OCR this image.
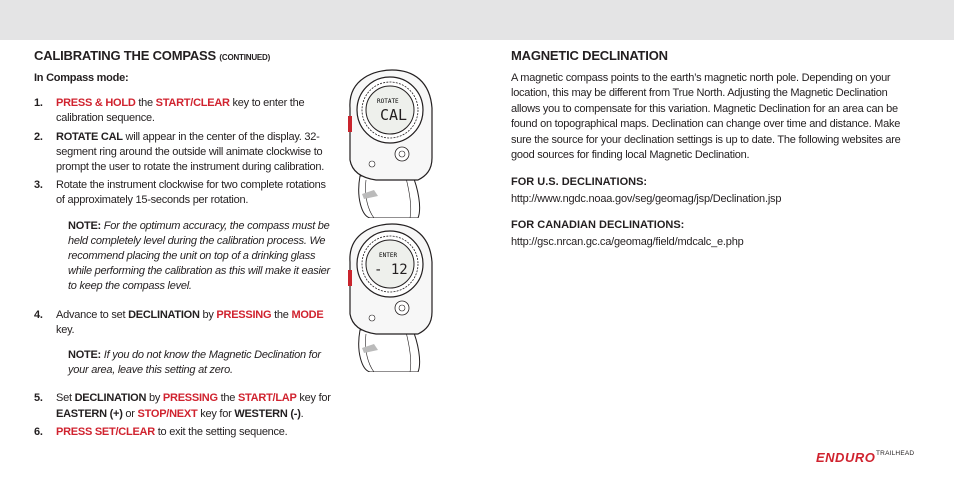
CALIBRATING THE COMPASS (CONTINUED)

In Compass mode:

1. PRESS & HOLD the START/CLEAR key to enter the calibration sequence.

2. ROTATE CAL will appear in the center of the display. 32-segment ring around the outside will animate clockwise to prompt the user to rotate the instrument during calibration.

3. Rotate the instrument clockwise for two complete rotations of approximately 15-seconds per rotation.

NOTE: For the optimum accuracy, the compass must be held completely level during the calibration process. We recommend placing the unit on top of a drinking glass while performing the calibration as this will make it easier to keep the compass level.

4. Advance to set DECLINATION by PRESSING the MODE key.

NOTE: If you do not know the Magnetic Declination for your area, leave this setting at zero.

5. Set DECLINATION by PRESSING the START/LAP key for EASTERN (+) or STOP/NEXT key for WESTERN (-).

6. PRESS SET/CLEAR to exit the setting sequence.

ROTATE
CAL
ENTER
- 12

MAGNETIC DECLINATION

A magnetic compass points to the earth’s magnetic north pole. Depending on your location, this may be different from True North. Adjusting the Magnetic Declination allows you to compensate for this variation. Magnetic Declination for an area can be found on topographical maps. Declination can change over time and distance. Make sure the source for your declination settings is up to date. The following websites are good sources for finding local Magnetic Declination.

FOR U.S. DECLINATIONS:

http://www.ngdc.noaa.gov/seg/geomag/jsp/Declination.jsp

FOR CANADIAN DECLINATIONS:

http://gsc.nrcan.gc.ca/geomag/field/mdcalc_e.php

ENDURO TRAILHEAD
